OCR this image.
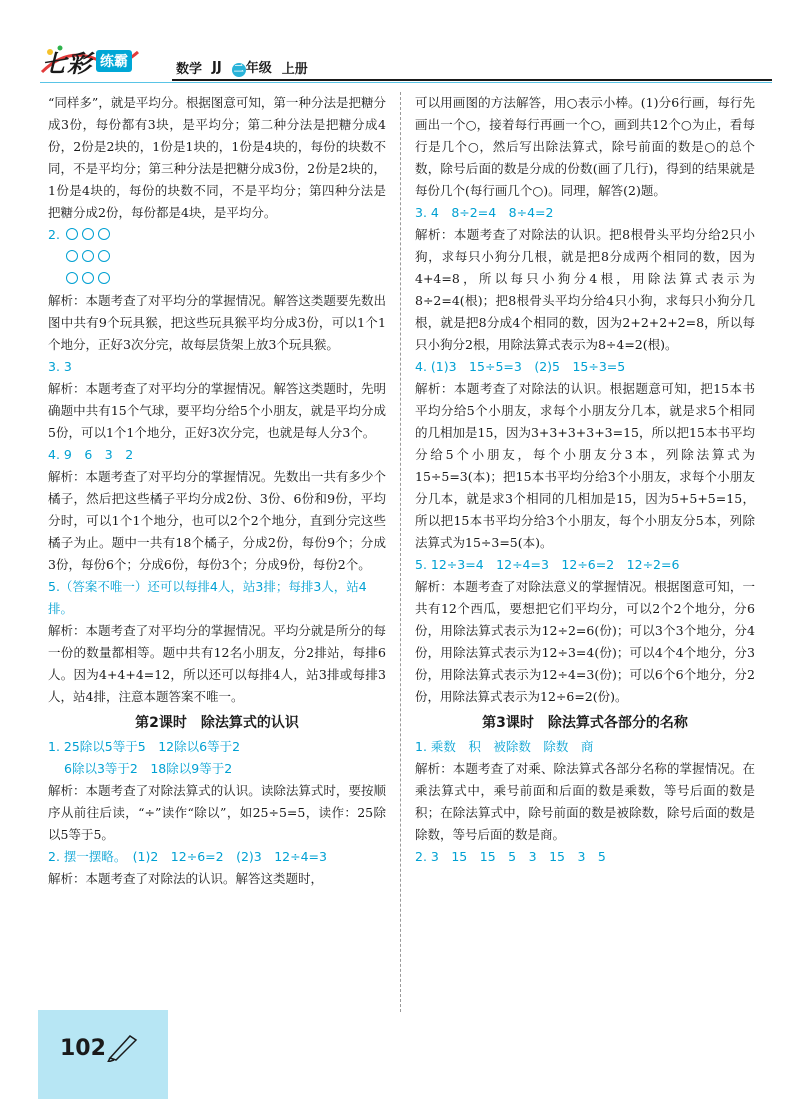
七彩 练霸	数学 JJ 二 年级 上册

“同样多”，就是平均分。根据图意可知，第一种分法是把糖分成3份，每份都有3块，是平均分；第二种分法是把糖分成4份，2份是2块的，1份是1块的，1份是4块的，每份的块数不同，不是平均分；第三种分法是把糖分成3份，2份是2块的，1份是4块的，每份的块数不同，不是平均分；第四种分法是把糖分成2份，每份都是4块，是平均分。

2.

解析：本题考查了对平均分的掌握情况。解答这类题要先数出图中共有9个玩具猴，把这些玩具猴平均分成3份，可以1个1个地分，正好3次分完，故每层货架上放3个玩具猴。

3. 3

解析：本题考查了对平均分的掌握情况。解答这类题时，先明确题中共有15个气球，要平均分给5个小朋友，就是平均分成5份，可以1个1个地分，正好3次分完，也就是每人分3个。

4. 9　6　3　2

解析：本题考查了对平均分的掌握情况。先数出一共有多少个橘子，然后把这些橘子平均分成2份、3份、6份和9份，平均分时，可以1个1个地分，也可以2个2个地分，直到分完这些橘子为止。题中一共有18个橘子，分成2份，每份9个；分成3份，每份6个；分成6份，每份3个；分成9份，每份2个。

5.（答案不唯一）还可以每排4人，站3排；每排3人，站4排。

解析：本题考查了对平均分的掌握情况。平均分就是所分的每一份的数量都相等。题中共有12名小朋友，分2排站，每排6人。因为4+4+4=12，所以还可以每排4人，站3排或每排3人，站4排，注意本题答案不唯一。

第2课时　除法算式的认识

1. 25除以5等于5　12除以6等于2

6除以3等于2　18除以9等于2

解析：本题考查了对除法算式的认识。读除法算式时，要按顺序从前往后读，“÷”读作“除以”，如25÷5=5，读作：25除以5等于5。

2. 摆一摆略。　(1)2　12÷6=2　(2)3　12÷4=3

解析：本题考查了对除法的认识。解答这类题时，

可以用画图的方法解答，用○表示小棒。(1)分6行画，每行先画出一个○，接着每行再画一个○，画到共12个○为止，看每行是几个○，然后写出除法算式，除号前面的数是○的总个数，除号后面的数是分成的份数(画了几行)，得到的结果就是每份几个(每行画几个○)。同理，解答(2)题。

3. 4　8÷2=4　8÷4=2

解析：本题考查了对除法的认识。把8根骨头平均分给2只小狗，求每只小狗分几根，就是把8分成两个相同的数，因为4+4=8，所以每只小狗分4根，用除法算式表示为8÷2=4(根)；把8根骨头平均分给4只小狗，求每只小狗分几根，就是把8分成4个相同的数，因为2+2+2+2=8，所以每只小狗分2根，用除法算式表示为8÷4=2(根)。

4. (1)3　15÷5=3　(2)5　15÷3=5

解析：本题考查了对除法的认识。根据题意可知，把15本书平均分给5个小朋友，求每个小朋友分几本，就是求5个相同的几相加是15，因为3+3+3+3+3=15，所以把15本书平均分给5个小朋友，每个小朋友分3本，列除法算式为15÷5=3(本)；把15本书平均分给3个小朋友，求每个小朋友分几本，就是求3个相同的几相加是15，因为5+5+5=15，所以把15本书平均分给3个小朋友，每个小朋友分5本，列除法算式为15÷3=5(本)。

5. 12÷3=4　12÷4=3　12÷6=2　12÷2=6

解析：本题考查了对除法意义的掌握情况。根据图意可知，一共有12个西瓜，要想把它们平均分，可以2个2个地分，分6份，用除法算式表示为12÷2=6(份)；可以3个3个地分，分4份，用除法算式表示为12÷3=4(份)；可以4个4个地分，分3份，用除法算式表示为12÷4=3(份)；可以6个6个地分，分2份，用除法算式表示为12÷6=2(份)。

第3课时　除法算式各部分的名称

1. 乘数　积　被除数　除数　商

解析：本题考查了对乘、除法算式各部分名称的掌握情况。在乘法算式中，乘号前面和后面的数是乘数，等号后面的数是积；在除法算式中，除号前面的数是被除数，除号后面的数是除数，等号后面的数是商。

2. 3　15　15　5　3　15　3　5

102
